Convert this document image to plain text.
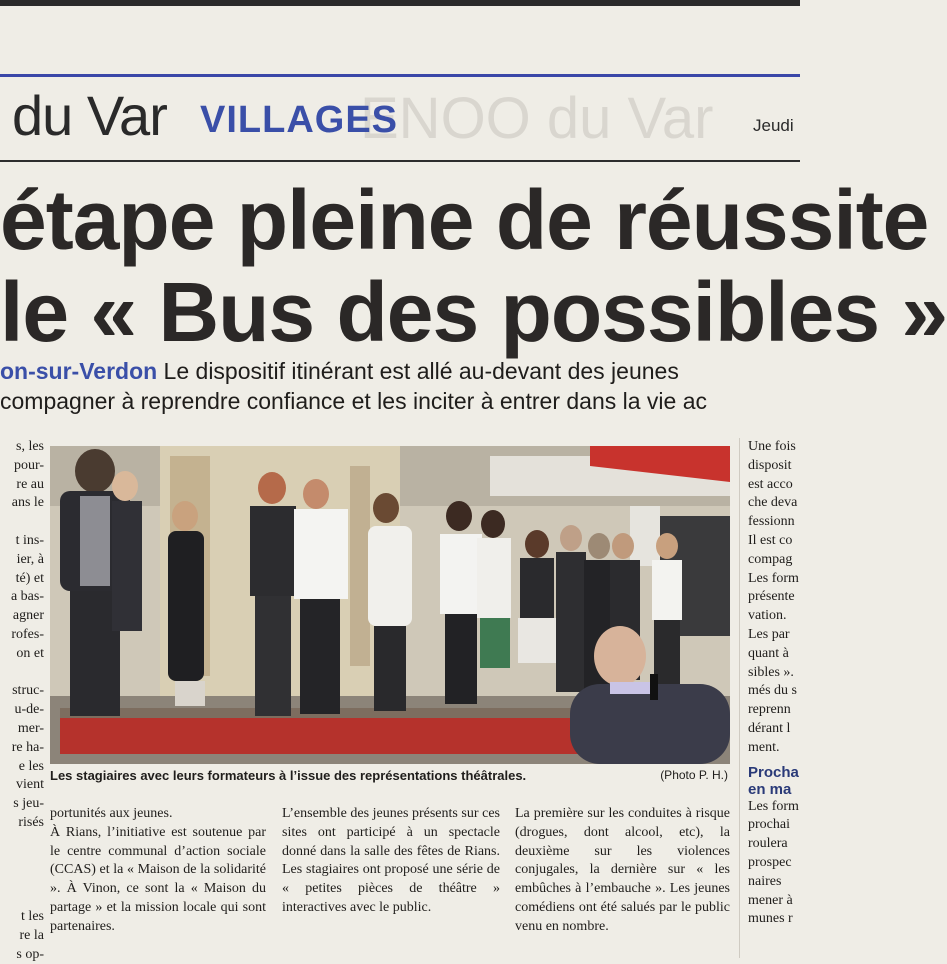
ENOO du Var
du Var VILLAGES	Jeudi
étape pleine de réussite
le « Bus des possibles »
on-sur-Verdon Le dispositif itinérant est allé au-devant des jeunes
compagner à reprendre confiance et les inciter à entrer dans la vie ac
s, les
pour-
re au
ans le

t ins-
ier, à
té) et
a bas-
agner
rofes-
on et

struc-
u-de-
mer-
re ha-
e les
vient
s jeu-
risés

t les
re la
s op-
Les stagiaires avec leurs formateurs à l’issue des représentations théâtrales.	(Photo P. H.)
Une fois
disposit
est acco
che deva
fessionn
Il est co
compag
Les form
présente
vation.
Les par
quant à
sibles ».
més du s
reprenn
dérant l
ment.

Procha
en ma
Les form
prochai
roulera
prospec
naires
mener à
munes r
portunités aux jeunes.
À Rians, l’initiative est soutenue par le centre communal d’action sociale (CCAS) et la « Maison de la solidarité ». À Vinon, ce sont la « Maison du partage » et la mission locale qui sont partenaires.
L’ensemble des jeunes présents sur ces sites ont participé à un spectacle donné dans la salle des fêtes de Rians. Les stagiaires ont proposé une série de « petites pièces de théâtre » interactives avec le public.
La première sur les conduites à risque (drogues, dont alcool, etc), la deuxième sur les violences conjugales, la dernière sur « les embûches à l’embauche ». Les jeunes comédiens ont été salués par le public venu en nombre.
